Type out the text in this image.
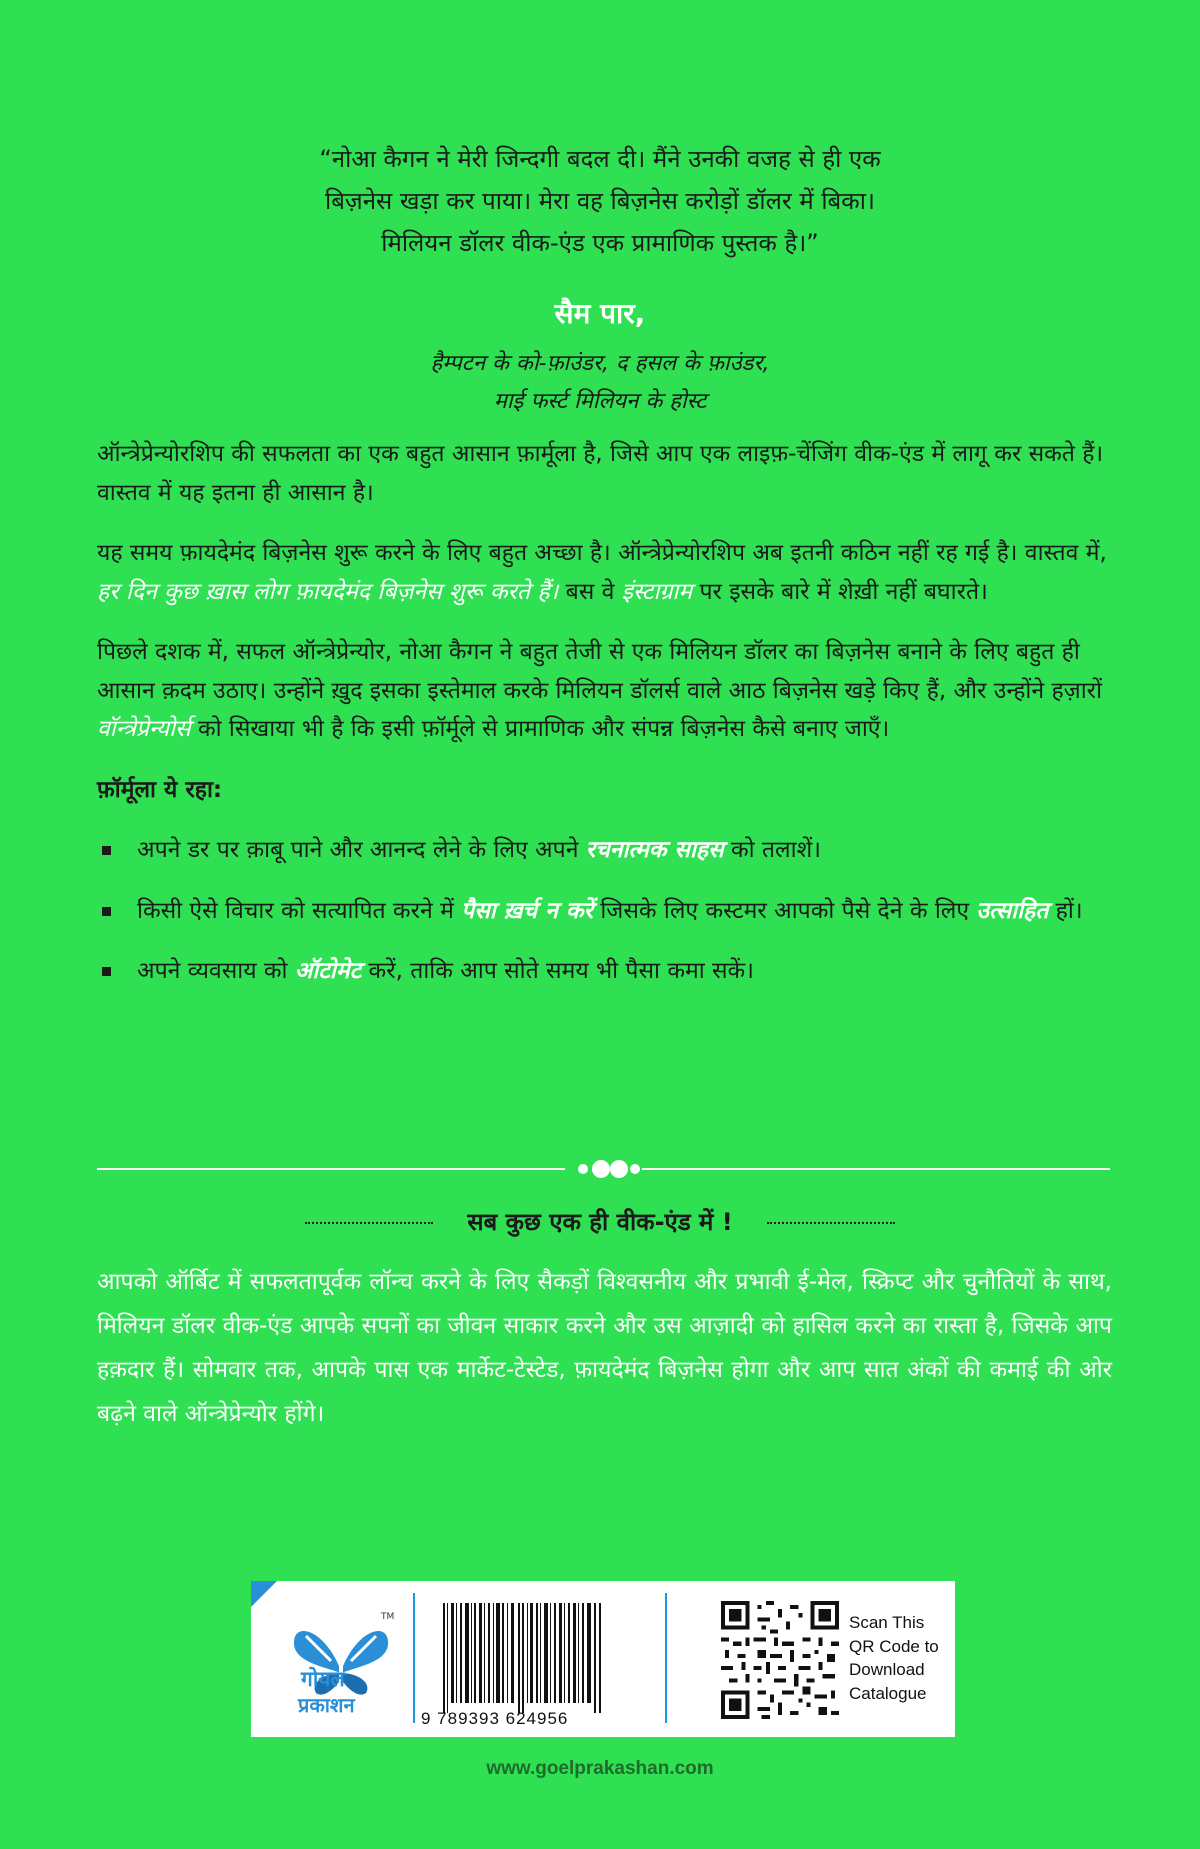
“नोआ कैगन ने मेरी जिन्दगी बदल दी। मैंने उनकी वजह से ही एक

बिज़नेस खड़ा कर पाया। मेरा वह बिज़नेस करोड़ों डॉलर में बिका।

मिलियन डॉलर वीक-एंड एक प्रामाणिक पुस्तक है।”

सैम पार,
हैम्पटन के को-फ़ाउंडर, द हसल के फ़ाउंडर,
माई फर्स्ट मिलियन के होस्ट

ऑन्त्रेप्रेन्योरशिप की सफलता का एक बहुत आसान फ़ार्मूला है, जिसे आप एक लाइफ़-चेंजिंग वीक-एंड में लागू कर सकते हैं। वास्तव में यह इतना ही आसान है।

यह समय फ़ायदेमंद बिज़नेस शुरू करने के लिए बहुत अच्छा है। ऑन्त्रेप्रेन्योरशिप अब इतनी कठिन नहीं रह गई है। वास्तव में, हर दिन कुछ ख़ास लोग फ़ायदेमंद बिज़नेस शुरू करते हैं। बस वे इंस्टाग्राम पर इसके बारे में शेख़ी नहीं बघारते।

पिछले दशक में, सफल ऑन्त्रेप्रेन्योर, नोआ कैगन ने बहुत तेजी से एक मिलियन डॉलर का बिज़नेस बनाने के लिए बहुत ही आसान क़दम उठाए। उन्होंने ख़ुद इसका इस्तेमाल करके मिलियन डॉलर्स वाले आठ बिज़नेस खड़े किए हैं, और उन्होंने हज़ारों वॉन्त्रेप्रेन्योर्स को सिखाया भी है कि इसी फ़ॉर्मूले से प्रामाणिक और संपन्न बिज़नेस कैसे बनाए जाएँ।

फ़ॉर्मूला ये रहा:

अपने डर पर क़ाबू पाने और आनन्द लेने के लिए अपने रचनात्मक साहस को तलाशें।
किसी ऐसे विचार को सत्यापित करने में पैसा ख़र्च न करें जिसके लिए कस्टमर आपको पैसे देने के लिए उत्साहित हों।
अपने व्यवसाय को ऑटोमेट करें, ताकि आप सोते समय भी पैसा कमा सकें।
सब कुछ एक ही वीक-एंड में !
आपको ऑर्बिट में सफलतापूर्वक लॉन्च करने के लिए सैकड़ों विश्वसनीय और प्रभावी ई-मेल, स्क्रिप्ट और चुनौतियों के साथ, मिलियन डॉलर वीक-एंड आपके सपनों का जीवन साकार करने और उस आज़ादी को हासिल करने का रास्ता है, जिसके आप हक़दार हैं। सोमवार तक, आपके पास एक मार्केट-टेस्टेड, फ़ायदेमंद बिज़नेस होगा और आप सात अंकों की कमाई की ओर बढ़ने वाले ऑन्त्रेप्रेन्योर होंगे।
TM
गोयल
प्रकाशन
9 789393 624956
Scan This
QR Code to
Download
Catalogue
www.goelprakashan.com
